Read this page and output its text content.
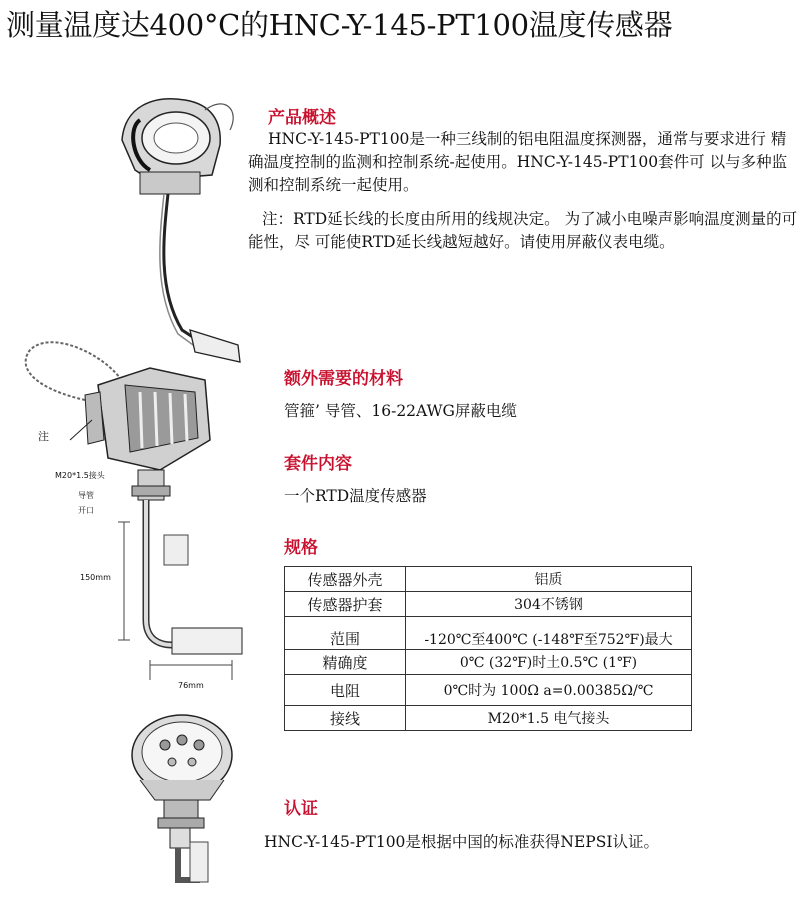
测量温度达400°C的HNC-Y-145-PT100温度传感器
产品概述
HNC-Y-145-PT100是一种三线制的铝电阻温度探测器，通常与要求进行 精确温度控制的监测和控制系统-起使用。HNC-Y-145-PT100套件可 以与多种监测和控制系统一起使用。
注：RTD延长线的长度由所用的线规决定。 为了减小电噪声影响温度测量的可能性，尽 可能使RTD延长线越短越好。请使用屏蔽仪表电缆。
额外需要的材料
管箍’ 导管、16-22AWG屏蔽电缆
套件内容
一个RTD温度传感器
规格
传感器外壳	铝质
传感器护套	304不锈钢
范围	-120℃至400℃ (-148℉至752℉)最大
精确度	0℃ (32℉)时土0.5℃ (1℉)
电阻	0℃时为 100Ω a=0.00385Ω/℃
接线	M20*1.5 电气接头
认证
HNC-Y-145-PT100是根据中国的标准获得NEPSI认证。
注
M20*1.5接头
导管
开口
150mm
76mm
